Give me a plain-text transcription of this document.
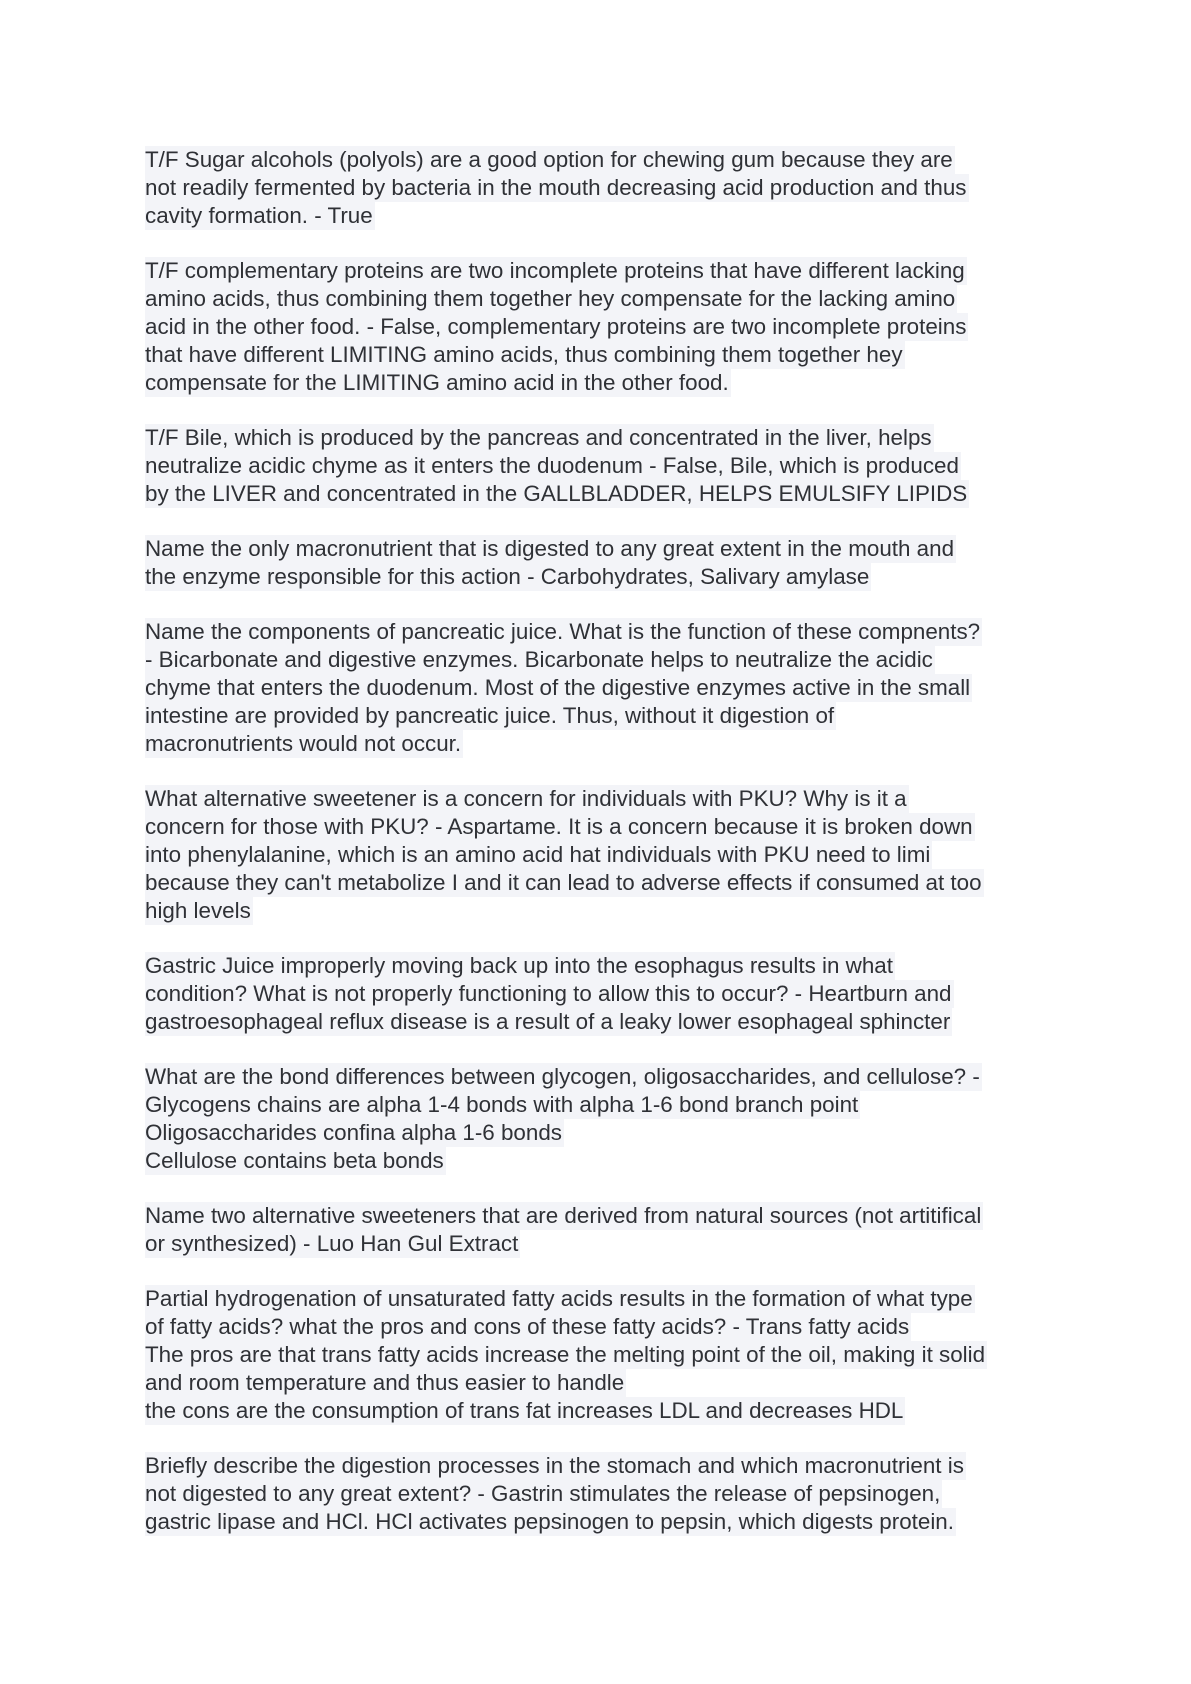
T/F Sugar alcohols (polyols) are a good option for chewing gum because they are
not readily fermented by bacteria in the mouth decreasing acid production and thus
cavity formation. - True
T/F complementary proteins are two incomplete proteins that have different lacking
amino acids, thus combining them together hey compensate for the lacking amino
acid in the other food. - False, complementary proteins are two incomplete proteins
that have different LIMITING amino acids, thus combining them together hey
compensate for the LIMITING amino acid in the other food.
T/F Bile, which is produced by the pancreas and concentrated in the liver, helps
neutralize acidic chyme as it enters the duodenum - False, Bile, which is produced
by the LIVER and concentrated in the GALLBLADDER, HELPS EMULSIFY LIPIDS
Name the only macronutrient that is digested to any great extent in the mouth and
the enzyme responsible for this action - Carbohydrates, Salivary amylase
Name the components of pancreatic juice. What is the function of these compnents?
- Bicarbonate and digestive enzymes. Bicarbonate helps to neutralize the acidic
chyme that enters the duodenum. Most of the digestive enzymes active in the small
intestine are provided by pancreatic juice. Thus, without it digestion of
macronutrients would not occur.
What alternative sweetener is a concern for individuals with PKU? Why is it a
concern for those with PKU? - Aspartame. It is a concern because it is broken down
into phenylalanine, which is an amino acid hat individuals with PKU need to limi
because they can't metabolize I and it can lead to adverse effects if consumed at too
high levels
Gastric Juice improperly moving back up into the esophagus results in what
condition? What is not properly functioning to allow this to occur? - Heartburn and
gastroesophageal reflux disease is a result of a leaky lower esophageal sphincter
What are the bond differences between glycogen, oligosaccharides, and cellulose? -
Glycogens chains are alpha 1-4 bonds with alpha 1-6 bond branch point
Oligosaccharides confina alpha 1-6 bonds
Cellulose contains beta bonds
Name two alternative sweeteners that are derived from natural sources (not artitifical
or synthesized) - Luo Han Gul Extract
Partial hydrogenation of unsaturated fatty acids results in the formation of what type
of fatty acids? what the pros and cons of these fatty acids? - Trans fatty acids
The pros are that trans fatty acids increase the melting point of the oil, making it solid
and room temperature and thus easier to handle
the cons are the consumption of trans fat increases LDL and decreases HDL
Briefly describe the digestion processes in the stomach and which macronutrient is
not digested to any great extent? - Gastrin stimulates the release of pepsinogen,
gastric lipase and HCl. HCl activates pepsinogen to pepsin, which digests protein.
